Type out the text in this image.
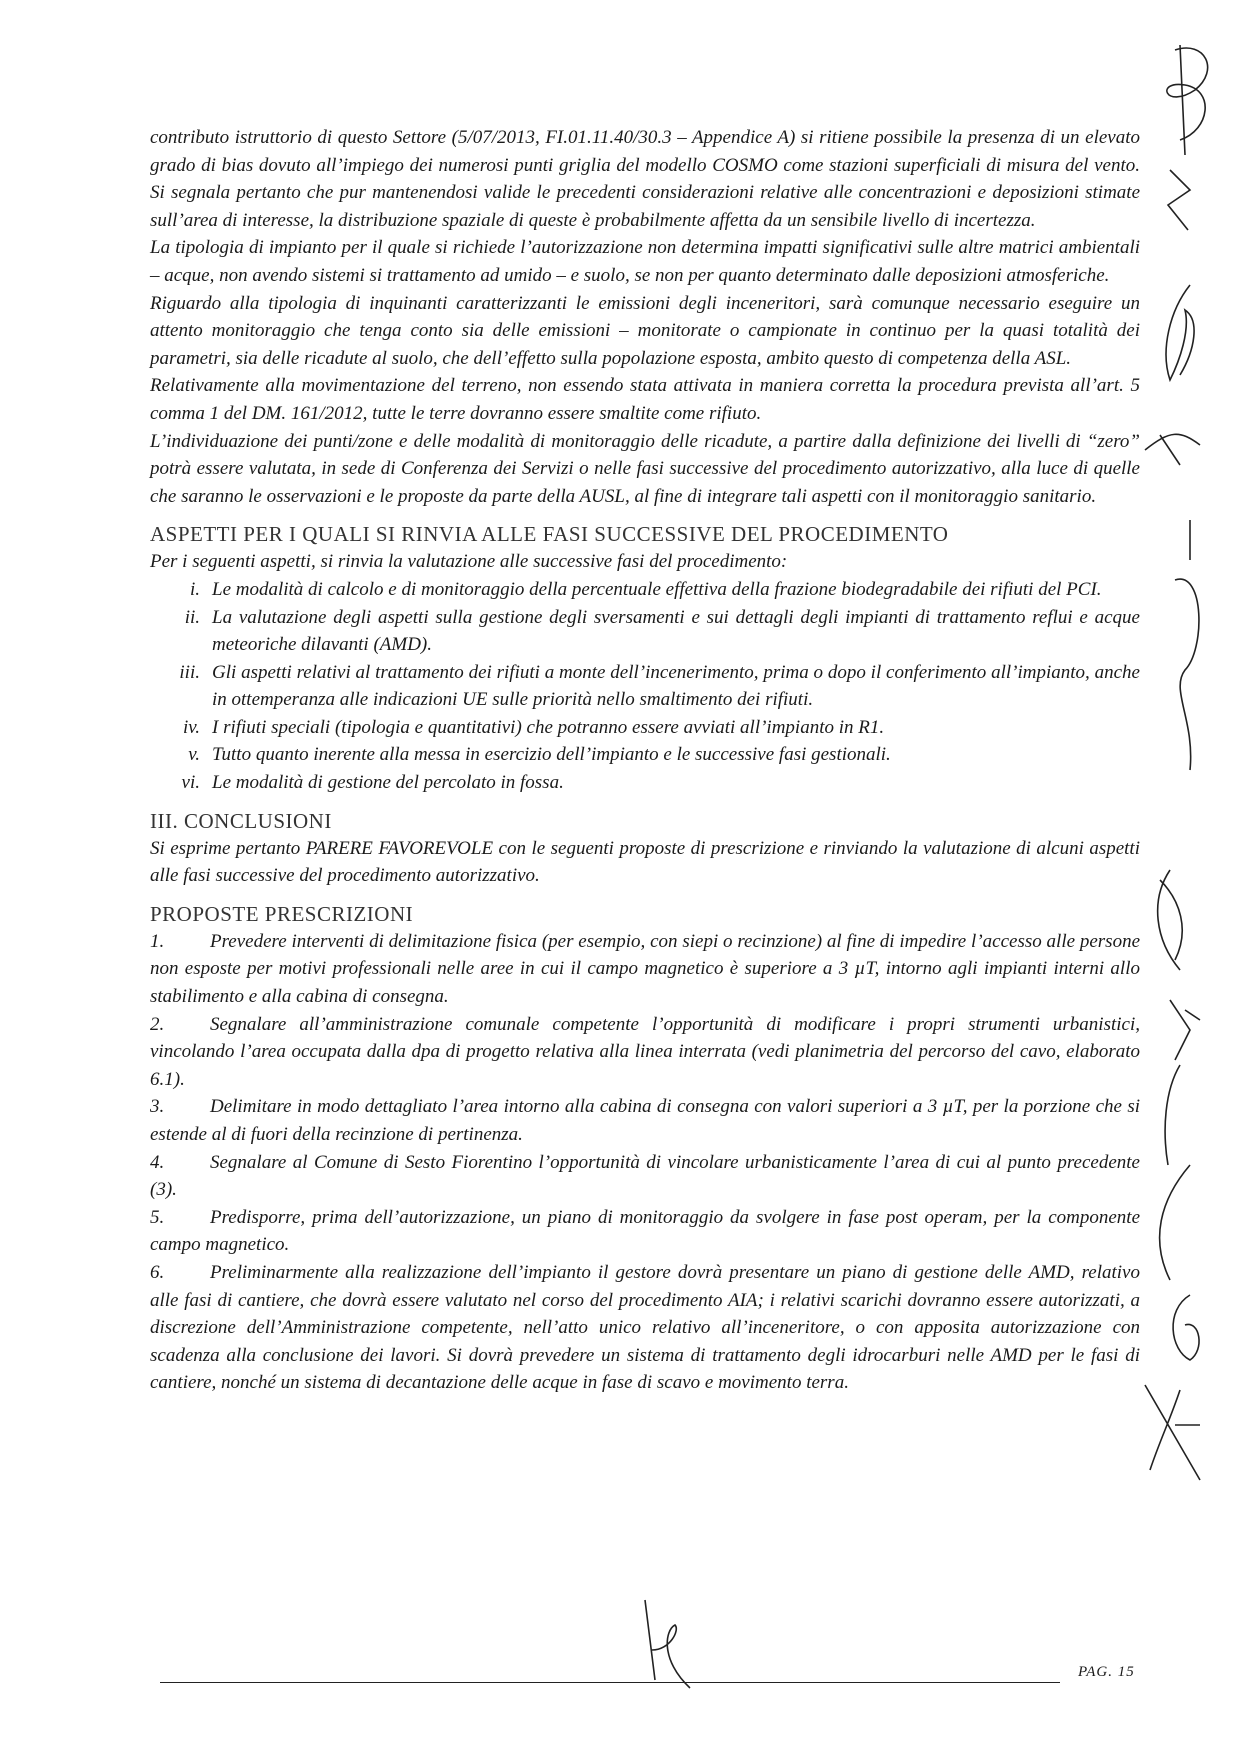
contributo istruttorio di questo Settore (5/07/2013, FI.01.11.40/30.3 – Appendice A) si ritiene possibile la presenza di un elevato grado di bias dovuto all’impiego dei numerosi punti griglia del modello COSMO come stazioni superficiali di misura del vento. Si segnala pertanto che pur mantenendosi valide le precedenti considerazioni relative alle concentrazioni e deposizioni stimate sull’area di interesse, la distribuzione spaziale di queste è probabilmente affetta da un sensibile livello di incertezza.

La tipologia di impianto per il quale si richiede l’autorizzazione non determina impatti significativi sulle altre matrici ambientali – acque, non avendo sistemi si trattamento ad umido – e suolo, se non per quanto determinato dalle deposizioni atmosferiche.

Riguardo alla tipologia di inquinanti caratterizzanti le emissioni degli inceneritori, sarà comunque necessario eseguire un attento monitoraggio che tenga conto sia delle emissioni – monitorate o campionate in continuo per la quasi totalità dei parametri, sia delle ricadute al suolo, che dell’effetto sulla popolazione esposta, ambito questo di competenza della ASL.

Relativamente alla movimentazione del terreno, non essendo stata attivata in maniera corretta la procedura prevista all’art. 5 comma 1 del DM. 161/2012, tutte le terre dovranno essere smaltite come rifiuto.

L’individuazione dei punti/zone e delle modalità di monitoraggio delle ricadute, a partire dalla definizione dei livelli di “zero” potrà essere valutata, in sede di Conferenza dei Servizi o nelle fasi successive del procedimento autorizzativo, alla luce di quelle che saranno le osservazioni e le proposte da parte della AUSL, al fine di integrare tali aspetti con il monitoraggio sanitario.

ASPETTI PER I QUALI SI RINVIA ALLE FASI SUCCESSIVE DEL PROCEDIMENTO

Per i seguenti aspetti, si rinvia la valutazione alle successive fasi del procedimento:

i. Le modalità di calcolo e di monitoraggio della percentuale effettiva della frazione biodegradabile dei rifiuti del PCI.
ii. La valutazione degli aspetti sulla gestione degli sversamenti e sui dettagli degli impianti di trattamento reflui e acque meteoriche dilavanti (AMD).
iii. Gli aspetti relativi al trattamento dei rifiuti a monte dell’incenerimento, prima o dopo il conferimento all’impianto, anche in ottemperanza alle indicazioni UE sulle priorità nello smaltimento dei rifiuti.
iv. I rifiuti speciali (tipologia e quantitativi) che potranno essere avviati all’impianto in R1.
v. Tutto quanto inerente alla messa in esercizio dell’impianto e le successive fasi gestionali.
vi. Le modalità di gestione del percolato in fossa.

III. CONCLUSIONI

Si esprime pertanto PARERE FAVOREVOLE con le seguenti proposte di prescrizione e rinviando la valutazione di alcuni aspetti alle fasi successive del procedimento autorizzativo.

PROPOSTE PRESCRIZIONI

1. Prevedere interventi di delimitazione fisica (per esempio, con siepi o recinzione) al fine di impedire l’accesso alle persone non esposte per motivi professionali nelle aree in cui il campo magnetico è superiore a 3 µT, intorno agli impianti interni allo stabilimento e alla cabina di consegna.

2. Segnalare all’amministrazione comunale competente l’opportunità di modificare i propri strumenti urbanistici, vincolando l’area occupata dalla dpa di progetto relativa alla linea interrata (vedi planimetria del percorso del cavo, elaborato 6.1).

3. Delimitare in modo dettagliato l’area intorno alla cabina di consegna con valori superiori a 3 µT, per la porzione che si estende al di fuori della recinzione di pertinenza.

4. Segnalare al Comune di Sesto Fiorentino l’opportunità di vincolare urbanisticamente l’area di cui al punto precedente (3).

5. Predisporre, prima dell’autorizzazione, un piano di monitoraggio da svolgere in fase post operam, per la componente campo magnetico.

6. Preliminarmente alla realizzazione dell’impianto il gestore dovrà presentare un piano di gestione delle AMD, relativo alle fasi di cantiere, che dovrà essere valutato nel corso del procedimento AIA; i relativi scarichi dovranno essere autorizzati, a discrezione dell’Amministrazione competente, nell’atto unico relativo all’inceneritore, o con apposita autorizzazione con scadenza alla conclusione dei lavori. Si dovrà prevedere un sistema di trattamento degli idrocarburi nelle AMD per le fasi di cantiere, nonché un sistema di decantazione delle acque in fase di scavo e movimento terra.

PAG. 15
